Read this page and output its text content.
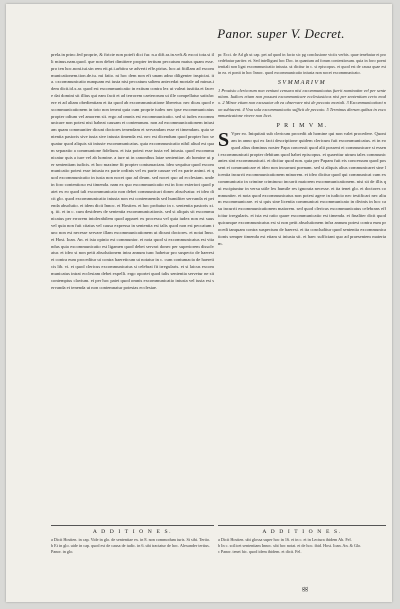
Panor. super V. Decret.

prela.in princ.fed proprie, & ftricte non poteft dici fur. n.a dift.ra.in.veft.& excoi tota.si illi minus.nam.quod. que non debet dimittere propter tertium peccatum maius quam esse. pro ten hoc.noni.tui.sin rem eit.pt.i.arbitra se adverti effe.ptrius. hoc.ut fitillam ad excommunicationem.tion.de.tu. mi fatio. ni hoc dem non eft unam adno diligenter inspiciat. ita. cxcommunicatio nunquam est iusta nisi peccatum saltem antecedat mortale ad minus.idem dicit.id.x.ar. quod est excommunicatio in exitum contra lex ut valeat iustitia.et facere dat domini sit illius qui eam facit et ad terrorem caeterorum ut ille compellatur satisfacere et ad aliam obedientiam et ita quod ab excommunicatione liberetur. nec dicas quod excommunicationem in toto non teneat quia cum proprie iudex nec ipse excommunicatus propter odium vel amorem sit. ergo ad omnis est excommunicatio. sed si iudex excommunicare non potest nisi habeat causam et contemnum. non ad excommunicationem iniustam quam communiter dicunt doctores tenendam et servandam esse et timendam. quia sententia pastoris sive iusta sive iniusta timenda est. nec est dicendum quod propter hoc sequatur quod aliquis sit iniuste excommunicatus. quia excommunicatio nihil aliud est quam separatio a communione fidelium. et ista potest esse iusta vel iniusta. quod excommunicatur quis a iure vel ab homine. a iure ut in canonibus latae sententiae. ab homine ut per sententiam iudicis. et hoc maxime fit propter contumaciam. ideo sequitur quod excommunicatio potest esse iniusta ex parte ordinis vel ex parte causae vel ex parte animi. et quod excommunicatio in iusta non nocet quo ad deum. sed nocet quo ad ecclesiam. unde in foro contentioso est timenda. nam ex quo excommunicatio est in foro exteriori quod patet ex eo quod tali excommunicato non debet communicari donec absolvatur. et ideo dicit glo. quod excommunicatio iniusta non est contemnenda sed humiliter servanda et petenda absolutio. et idem dicit Innoc. et Hostien. et hoc probatur in c. sententia pastoris xi. q. iii. et in c. cum desideres de sententia excommunicationis. sed si aliquis sit excommunicatus per errorem intolerabilem quod apparet ex processu vel quia iudex non est suus vel quia non fuit citatus vel causa expressa in sententia est talis quod non est peccatum tunc non est necesse servare illam excommunicationem ut dicunt doctores. et notat Inno. et Host. Ioan. An. et ista opinio est communior. et nota quod si excommunicatus est vitandus quia excommunicatio est ligamen quod debet servari donec per superiorem dissolvatur. et ideo si non petit absolutionem intra annum tunc habetur pro suspecto de haeresi et contra eum proceditur ut contra haereticum ut notatur in c. cum contumacia de haereticis lib. vi. et quod clericus excommunicatus si celebrat fit irregularis. et si laicus excommunicatus intrat ecclesiam debet expelli. ergo oportet quod talis sententia servetur ne sit contemptus clavium. et per hoc patet quod omnis excommunicatio iniusta vel iusta est servanda et tenenda ut non contemnatur potestas ecclesiae.

pr. Ecci. de Ad gb ut cap. pet ad quod in facto sic pg conclusione viciis verbis. quae tenebatur et procedebatur pariter. et. Sed intelligunt hoc Doc. in quantum ad forum contentiosum. quia in foro poenitentiali non ligat excommunicatio iniusta. ut dicitur in c. si episcopus. et quod est de causa quae est in ea. et ponit in hoc Innoc. quod excommunicatio iniusta non nocet excommunicato.

SVMMARIVM

1 Prouisio clericorum non veniunt censura nisi excommunicatus fuerit nominatim vel per sententiam. Iudices etiam non possunt excommunicare ecclesiasticos nisi per sententiam certo modo. 2 Minor etiam non excusatur ab ea observare nisi de peccato mortali. 3 Excommunicationi non subiacent. 4 Vna sola excommunicatio sufficit de peccato. 5 Terminus dierum quibus in excommunicatione vivere non licet.

P R I M V M.

S Vper eo. Iniquitati sub clericum procedit ab homine qui non valet procedere. Quoniam in anno qui ex facti descriptione quidem clericum fuit excommunicatus. et in eo quod alius dominus noster Papa concessit quod alii possent ei communicare si essent excommunicati propter debitum quod habet episcopus. et quaeritur utrum tales communicantes sint excommunicati. et dicitur quod non. quia per Papam fuit eis concessum quod possent ei communicare et ideo non incurrunt poenam. sed si aliquis alius communicaret sine licentia incurrit excommunicationem minorem. et ideo dicitur quod qui communicat cum excommunicato in crimine criminoso incurrit maiorem excommunicationem. nisi sit de illis qui excipiuntur in versu utile lex humile res ignorata necesse. et ita tenet glo. et doctores communiter. et nota quod excommunicatus non potest agere in iudicio nec testificari nec alium excommunicare. et si quis sine licentia communicat excommunicato in divinis in hoc casu incurrit excommunicationem maiorem. sed quod clericus excommunicatus celebrans efficitur irregularis. et ista est ratio quare excommunicatio est timenda. et finaliter dicit quod quicunque excommunicatus est si non petit absolutionem infra annum potest contra eum procedi tanquam contra suspectum de haeresi. et ita concluditur quod sententia excommunicationis semper timenda est etiam si iniusta sit. et haec sufficiant quo ad praesentem materiam.

A D D I T I O N E S.	A D D I T I O N E S.

a Dicit Hostien. in cap. Vide in glo. de sententiae ex. in 8. non commodum iuris. Si sibi. Tertio.

b Et in glo. uide in cap. quod est de causa de iudic. in 6. ubi tractatur de hoc. Alexander tertius. Panor. in glo.

a Dicit Hostien. ubi glossa super hoc in 16. et in c. et in Lectura ibidem Ab. Fel.

b In c. scilicet sententiam Innoc. ubi hoc notat. et de hoc. ibid. Host. Ioan. An. & Glo.

c Panor. tenet hic. quod idem ibidem. et dicit. Fel.

gg
